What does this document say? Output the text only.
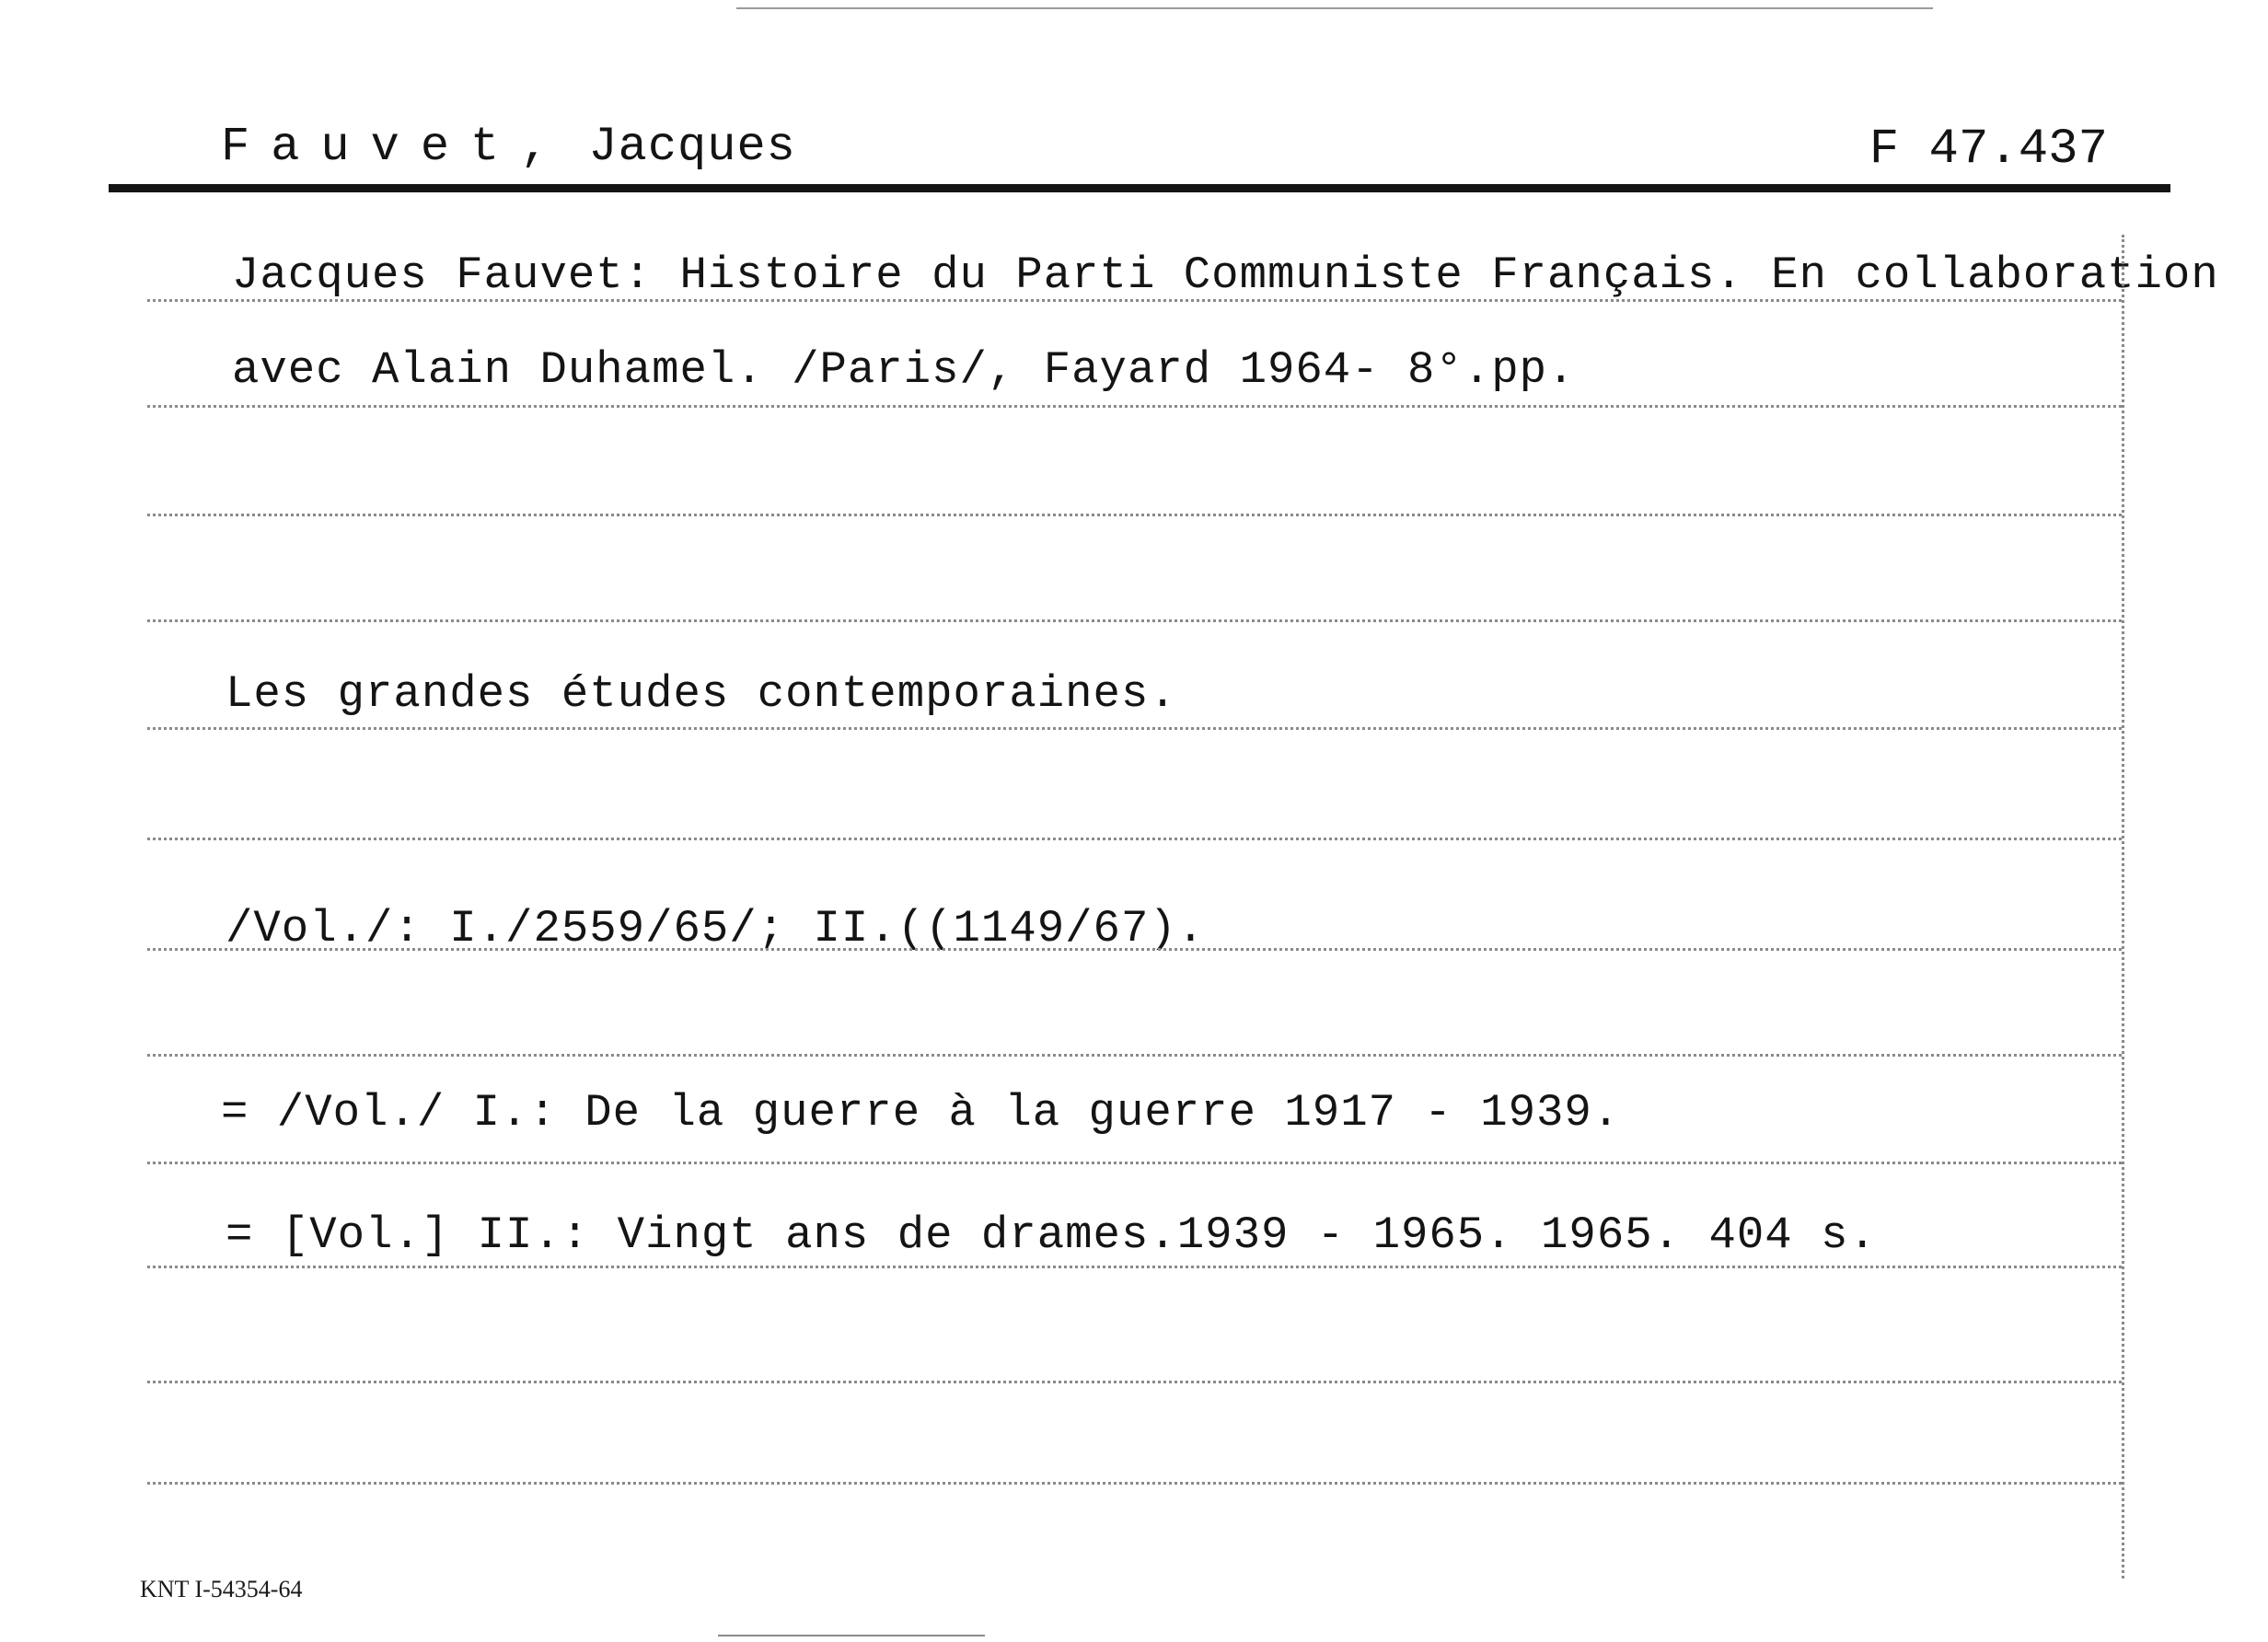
Fauvet, Jacques	F 47.437
Jacques Fauvet: Histoire du Parti Communiste Français. En collaboration
avec Alain Duhamel. /Paris/, Fayard 1964- 8°.pp.
Les grandes études contemporaines.
/Vol./: I./2559/65/; II.((1149/67).
= /Vol./ I.: De la guerre à la guerre 1917 - 1939.
= [Vol.] II.: Vingt ans de drames.1939 - 1965. 1965. 404 s.
KNT I-54354-64
